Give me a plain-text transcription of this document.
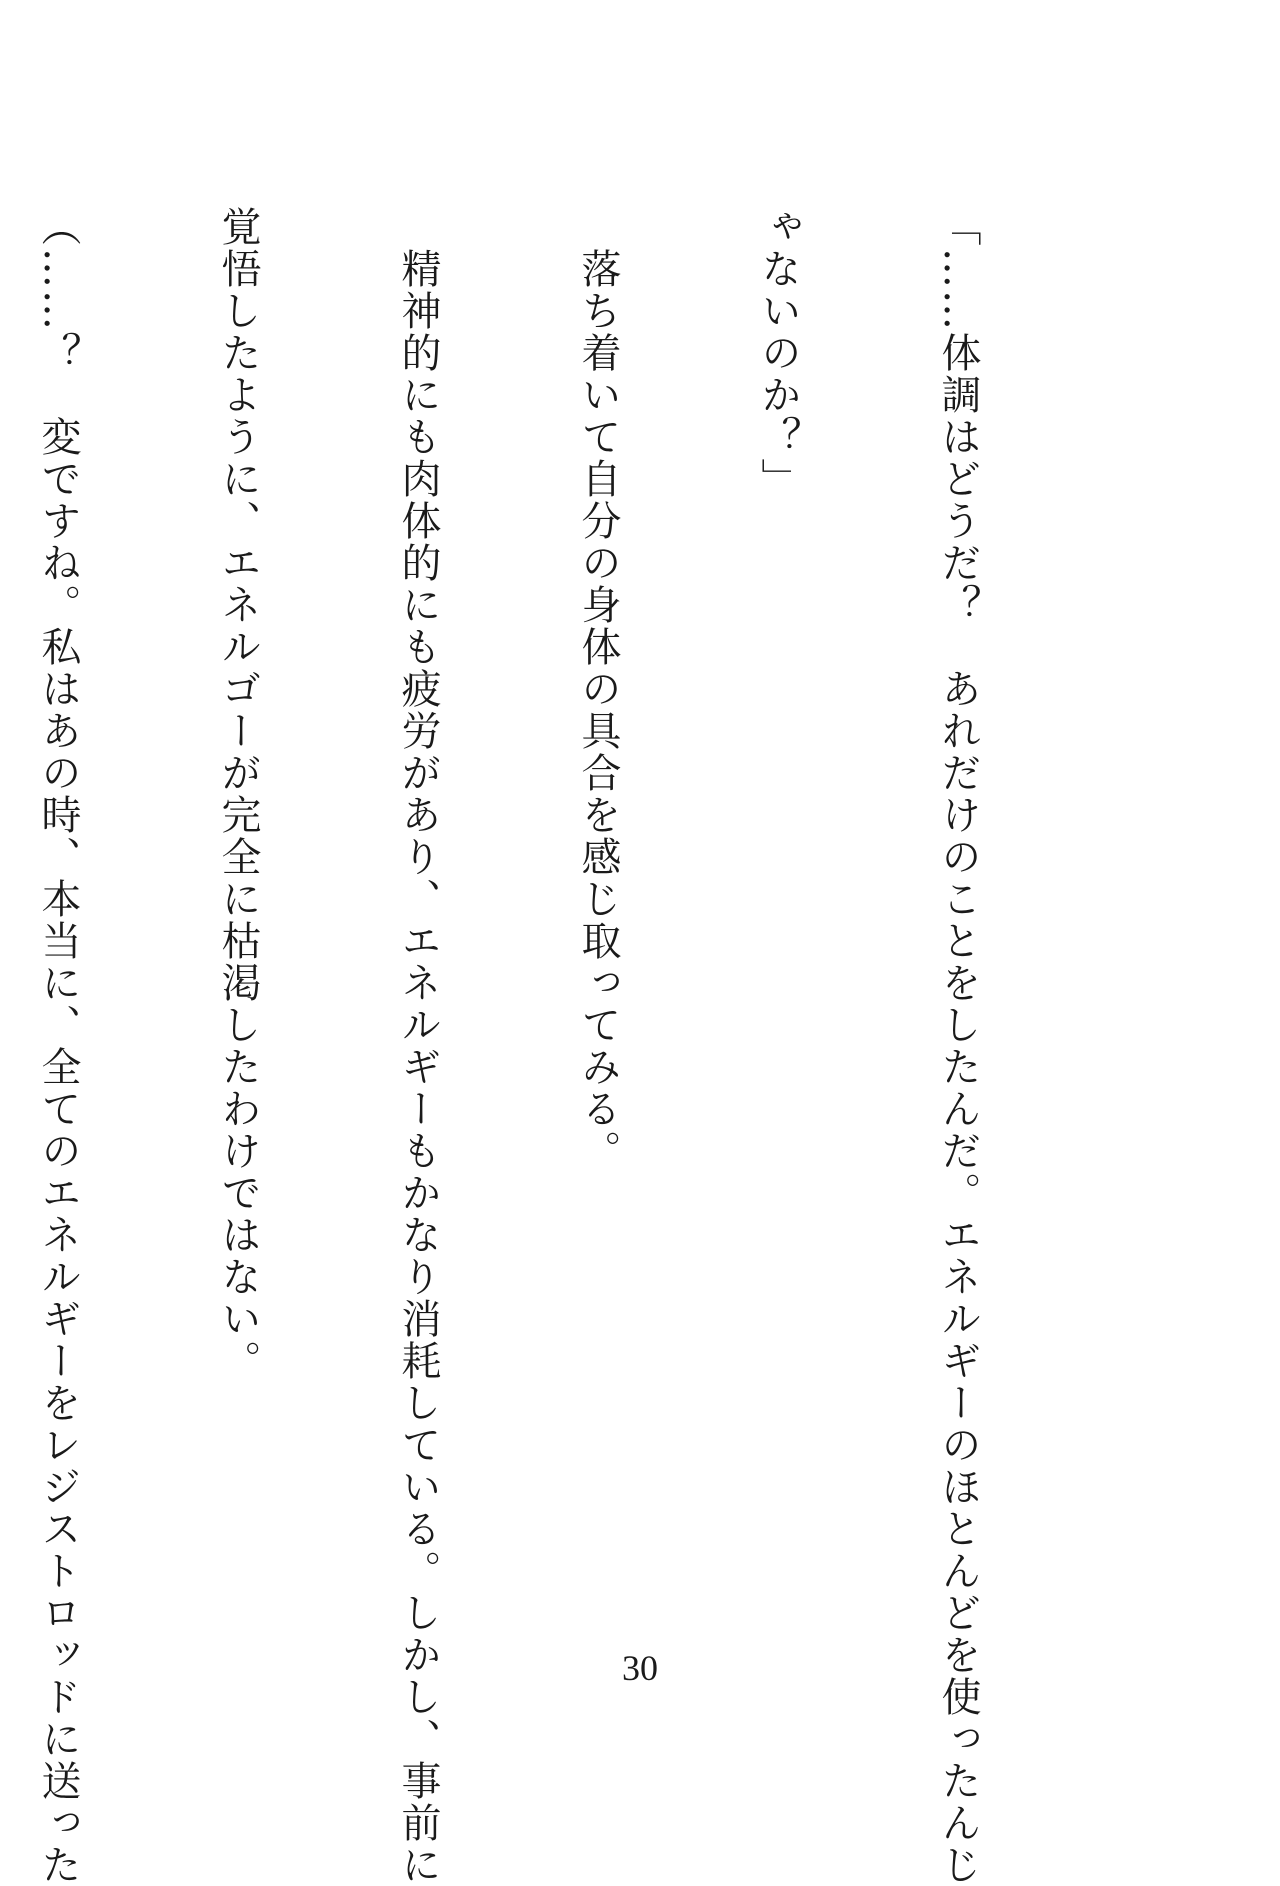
「……体調はどうだ？　あれだけのことをしたんだ。エネルギーのほとんどを使ったんじ

ゃないのか？」

　落ち着いて自分の身体の具合を感じ取ってみる。

　精神的にも肉体的にも疲労があり、エネルギーもかなり消耗している。しかし、事前に

覚悟したように、エネルゴーが完全に枯渇したわけではない。

（……？　変ですね。私はあの時、本当に、全てのエネルギーをレジストロッドに送った

	30
